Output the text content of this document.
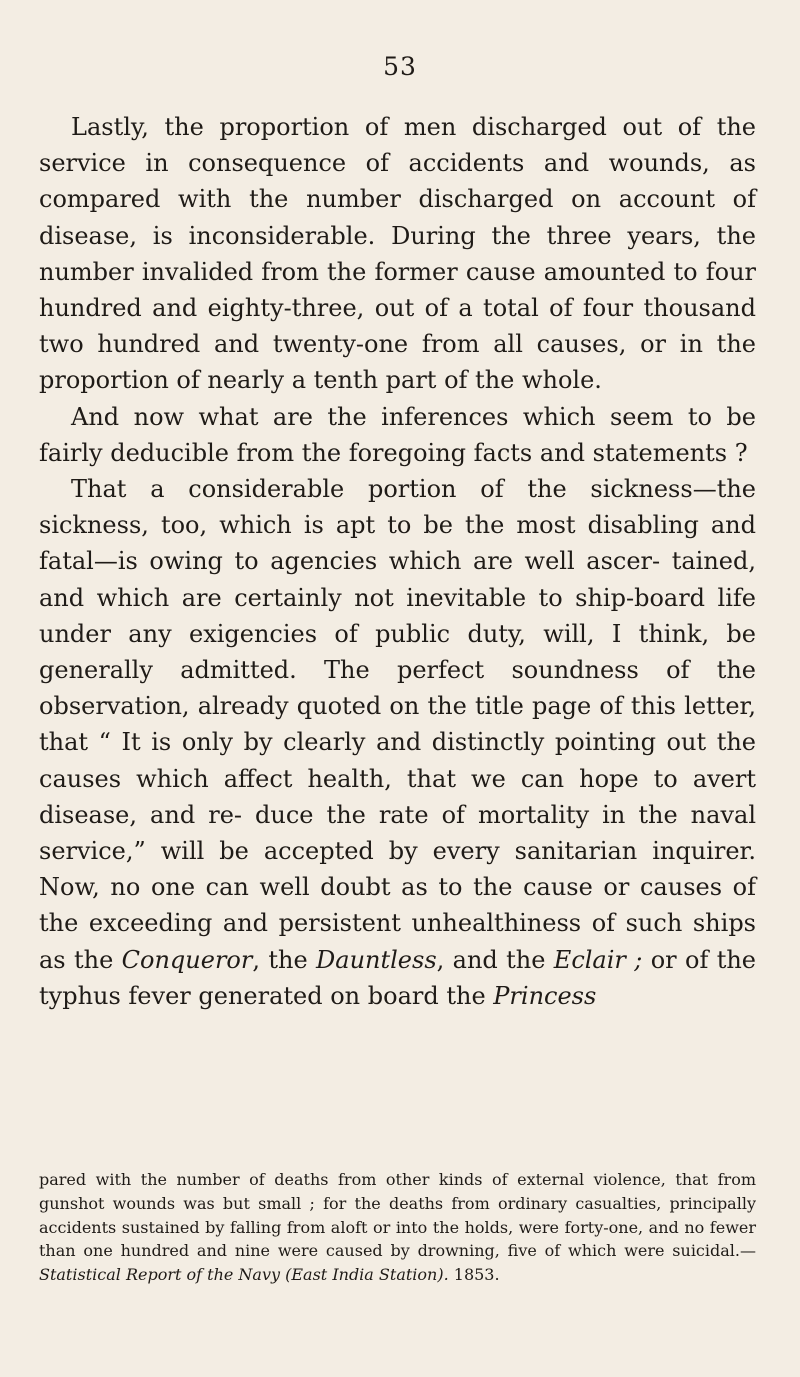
53

Lastly, the proportion of men discharged out of the service in consequence of accidents and wounds, as compared with the number discharged on account of disease, is inconsiderable. During the three years, the number invalided from the former cause amounted to four hundred and eighty-three, out of a total of four thousand two hundred and twenty-one from all causes, or in the proportion of nearly a tenth part of the whole.

And now what are the inferences which seem to be fairly deducible from the foregoing facts and statements ?

That a considerable portion of the sickness—the sickness, too, which is apt to be the most disabling and fatal—is owing to agencies which are well ascer- tained, and which are certainly not inevitable to ship-board life under any exigencies of public duty, will, I think, be generally admitted. The perfect soundness of the observation, already quoted on the title page of this letter, that “ It is only by clearly and distinctly pointing out the causes which affect health, that we can hope to avert disease, and re- duce the rate of mortality in the naval service,” will be accepted by every sanitarian inquirer. Now, no one can well doubt as to the cause or causes of the exceeding and persistent unhealthiness of such ships as the Conqueror, the Dauntless, and the Eclair ; or of the typhus fever generated on board the Princess

pared with the number of deaths from other kinds of external violence, that from gunshot wounds was but small ; for the deaths from ordinary casualties, principally accidents sustained by falling from aloft or into the holds, were forty-one, and no fewer than one hundred and nine were caused by drowning, five of which were suicidal.—Statistical Report of the Navy (East India Station). 1853.
